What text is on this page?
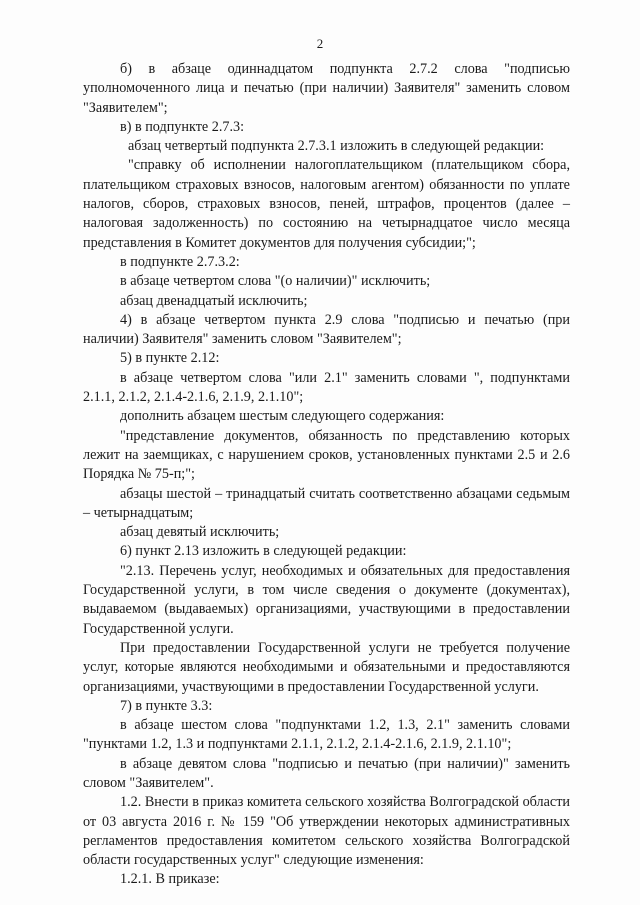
2

б) в абзаце одиннадцатом подпункта 2.7.2 слова "подписью уполномоченного лица и печатью (при наличии) Заявителя" заменить словом "Заявителем";

в) в подпункте 2.7.3:

абзац четвертый подпункта 2.7.3.1 изложить в следующей редакции:

"справку об исполнении налогоплательщиком (плательщиком сбора, плательщиком страховых взносов, налоговым агентом) обязанности по уплате налогов, сборов, страховых взносов, пеней, штрафов, процентов (далее – налоговая задолженность) по состоянию на четырнадцатое число месяца представления в Комитет документов для получения субсидии;";

в подпункте 2.7.3.2:

в абзаце четвертом слова "(о наличии)" исключить;

абзац двенадцатый исключить;

4) в абзаце четвертом пункта 2.9 слова "подписью и печатью (при наличии) Заявителя" заменить словом "Заявителем";

5) в пункте 2.12:

в абзаце четвертом слова "или 2.1" заменить словами ", подпунктами 2.1.1, 2.1.2, 2.1.4-2.1.6, 2.1.9, 2.1.10";

дополнить абзацем шестым следующего содержания:

"представление документов, обязанность по представлению которых лежит на заемщиках, с нарушением сроков, установленных пунктами 2.5 и 2.6 Порядка № 75-п;";

абзацы шестой – тринадцатый считать соответственно абзацами седьмым – четырнадцатым;

абзац девятый исключить;

6) пункт 2.13 изложить в следующей редакции:

"2.13. Перечень услуг, необходимых и обязательных для предоставления Государственной услуги, в том числе сведения о документе (документах), выдаваемом (выдаваемых) организациями, участвующими в предоставлении Государственной услуги.

При предоставлении Государственной услуги не требуется получение услуг, которые являются необходимыми и обязательными и предоставляются организациями, участвующими в предоставлении Государственной услуги.

7) в пункте 3.3:

в абзаце шестом слова "подпунктами 1.2, 1.3, 2.1" заменить словами "пунктами 1.2, 1.3 и подпунктами 2.1.1, 2.1.2, 2.1.4-2.1.6, 2.1.9, 2.1.10";

в абзаце девятом слова "подписью и печатью (при наличии)" заменить словом "Заявителем".

1.2. Внести в приказ комитета сельского хозяйства Волгоградской области от 03 августа 2016 г. № 159 "Об утверждении некоторых административных регламентов предоставления комитетом сельского хозяйства Волгоградской области государственных услуг" следующие изменения:

1.2.1. В приказе:
